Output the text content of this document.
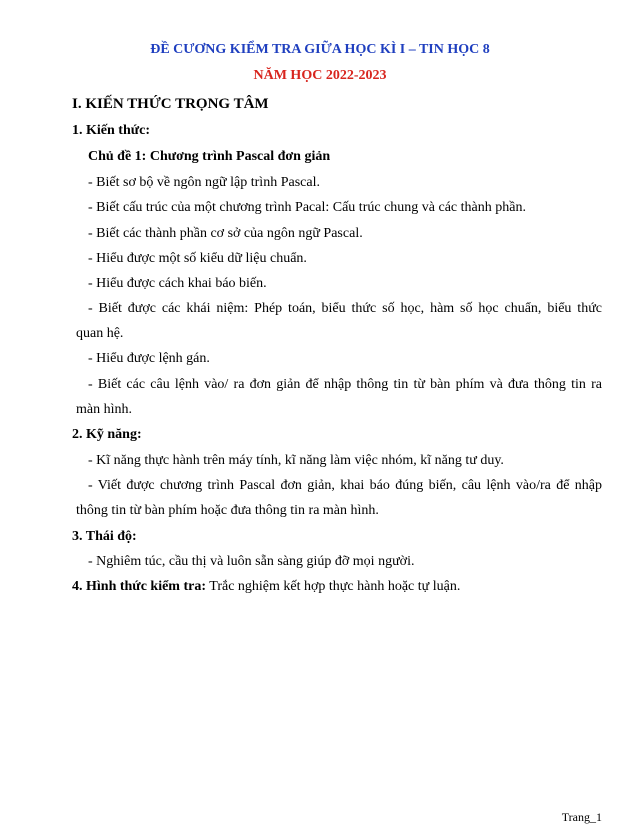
ĐỀ CƯƠNG KIỂM TRA GIỮA HỌC KÌ I – TIN HỌC 8
NĂM HỌC 2022-2023
I. KIẾN THỨC TRỌNG TÂM
1. Kiến thức:
Chủ đề 1: Chương trình Pascal đơn giản
- Biết sơ bộ về ngôn ngữ lập trình Pascal.
- Biết cấu trúc của một chương trình Pacal: Cấu trúc chung và các thành phần.
- Biết các thành phần cơ sở của ngôn ngữ Pascal.
- Hiểu được một số kiểu dữ liệu chuẩn.
- Hiểu được cách khai báo biến.
- Biết được các khái niệm: Phép toán, biểu thức số học, hàm số học chuẩn, biểu thức
quan hệ.
- Hiểu được lệnh gán.
- Biết các câu lệnh vào/ ra đơn giản để nhập thông tin từ bàn phím và đưa thông tin ra
màn hình.
2. Kỹ năng:
- Kĩ năng thực hành trên máy tính, kĩ năng làm việc nhóm, kĩ năng tư duy.
- Viết được chương trình Pascal đơn giản, khai báo đúng biến, câu lệnh vào/ra để nhập
thông tin từ bàn phím hoặc đưa thông tin ra màn hình.
3. Thái độ:
- Nghiêm túc, cầu thị và luôn sẵn sàng giúp đỡ mọi người.
4. Hình thức kiểm tra: Trắc nghiệm kết hợp thực hành hoặc tự luận.
Trang_1
